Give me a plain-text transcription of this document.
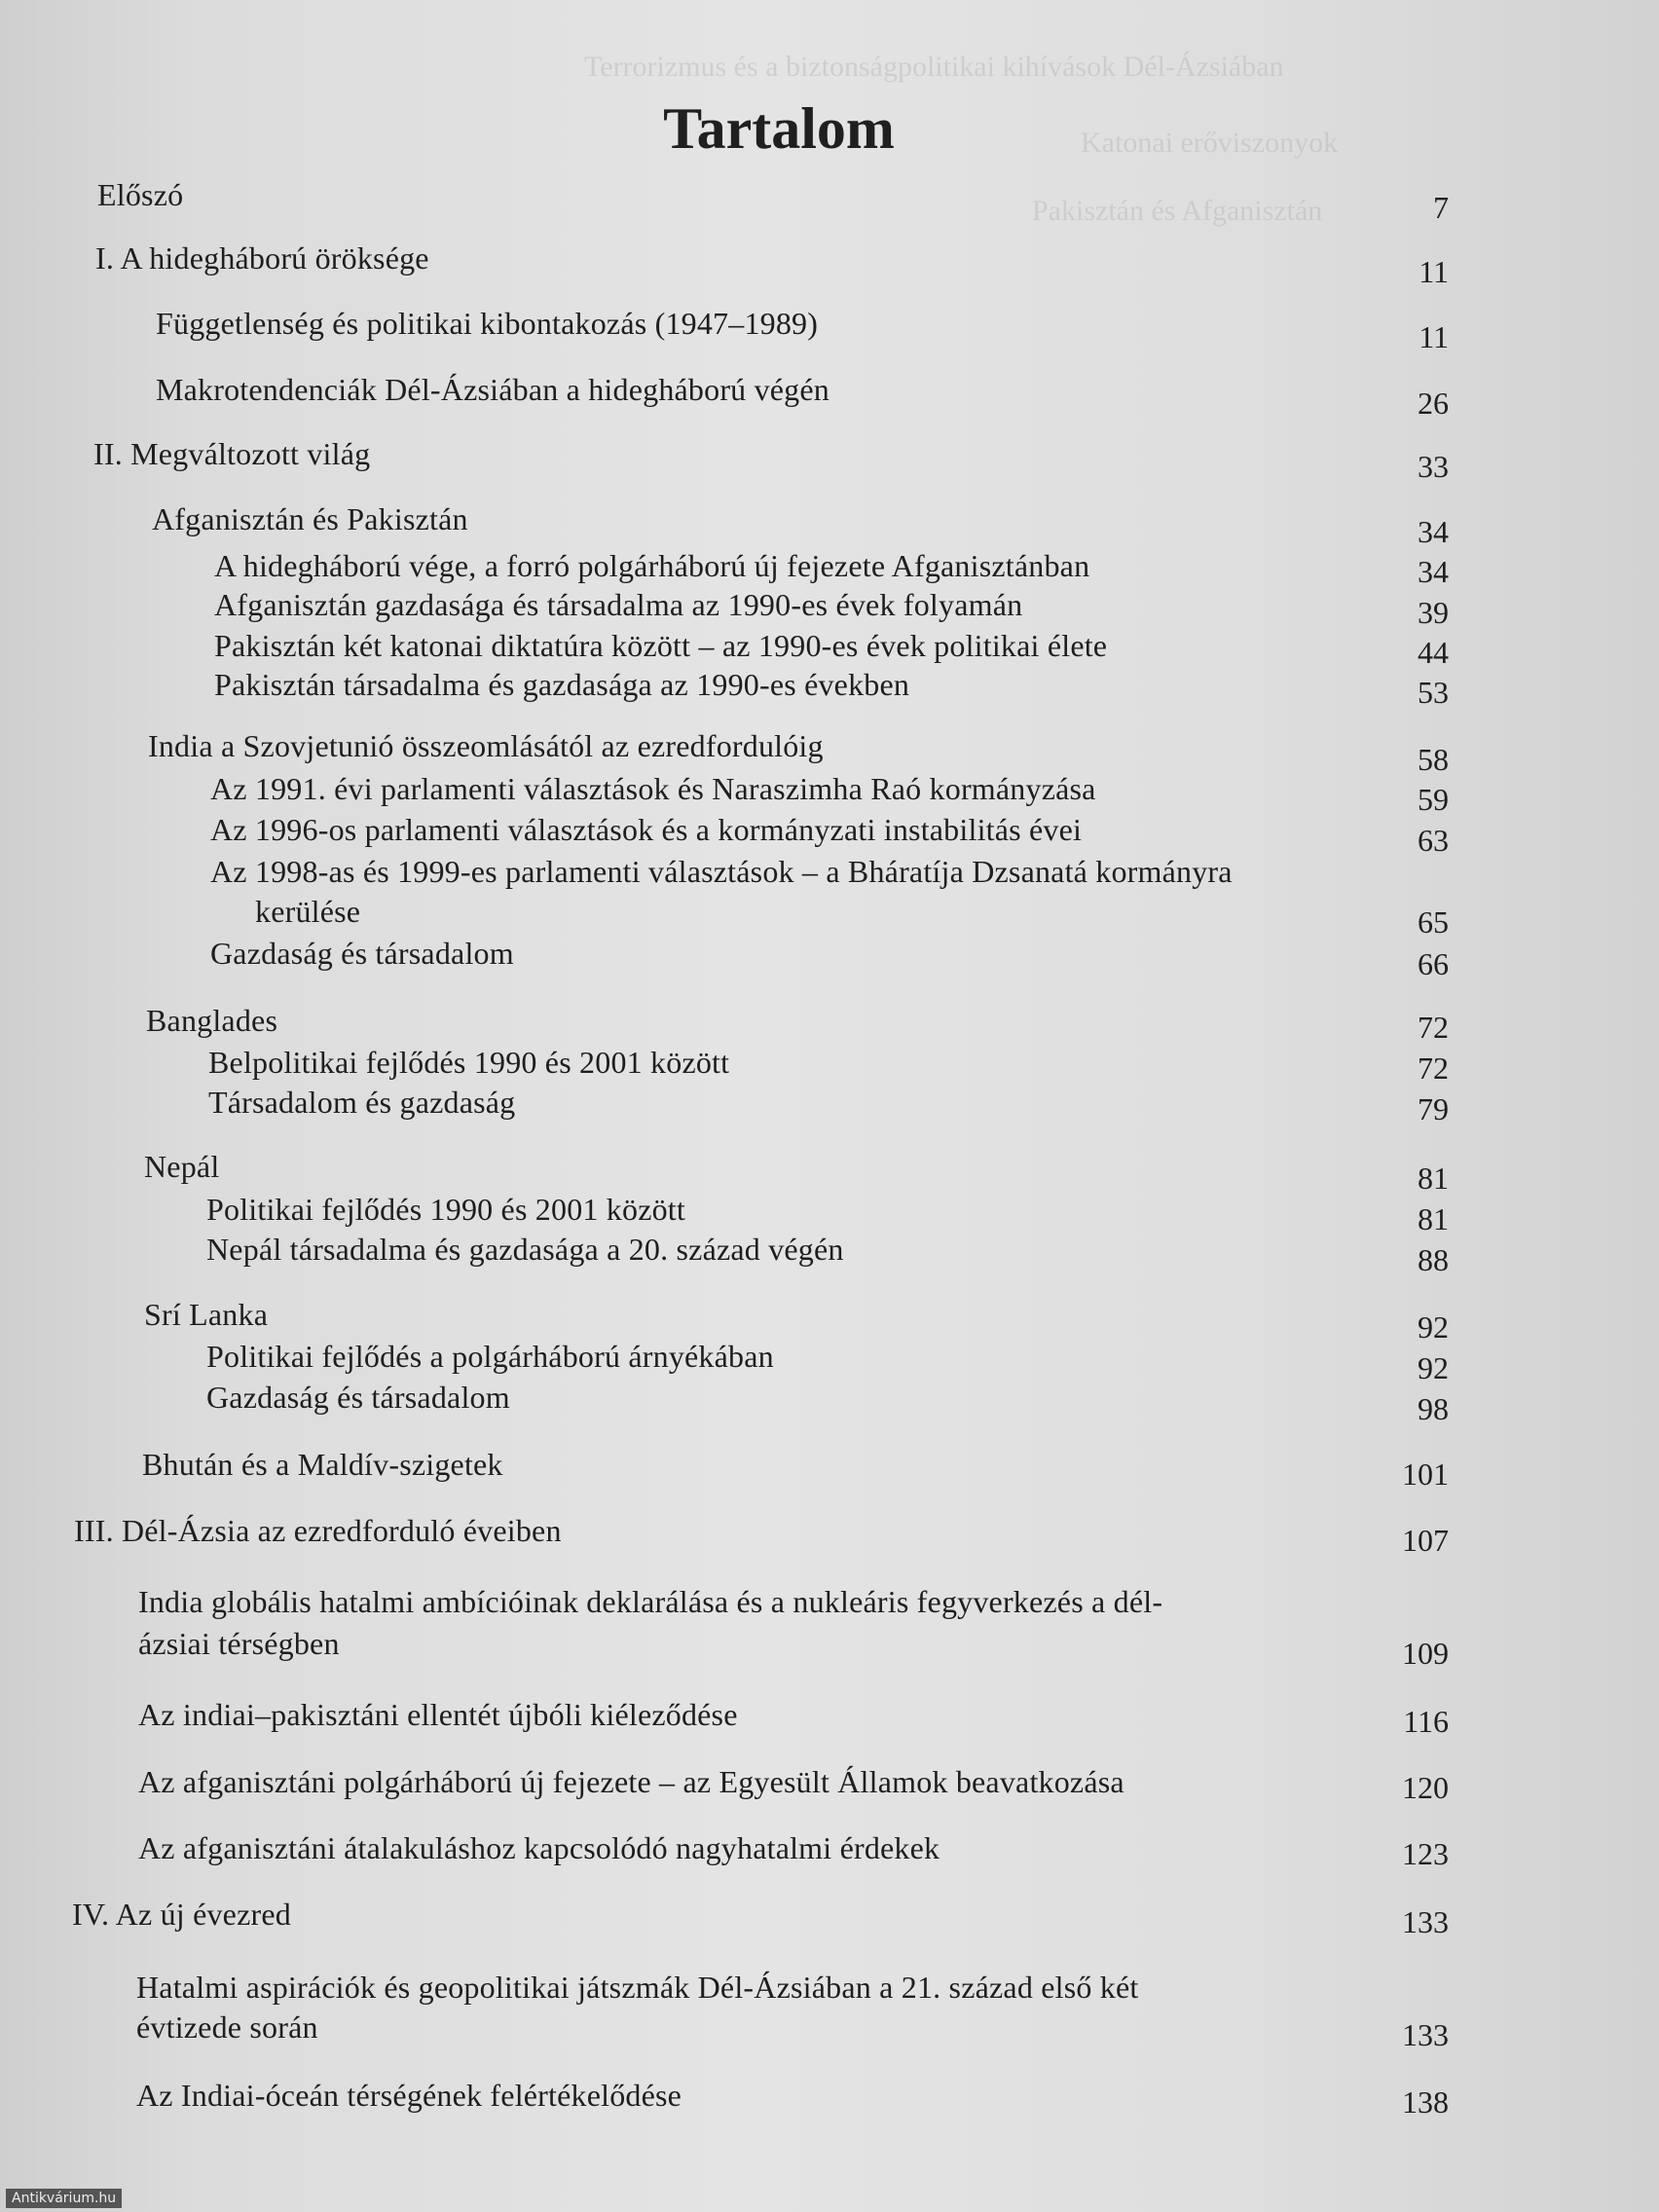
Terrorizmus és a biztonságpolitikai kihívások Dél-Ázsiában
Katonai erőviszonyok
Pakisztán és Afganisztán
Tartalom
Előszó	7
I. A hidegháború öröksége	11
Függetlenség és politikai kibontakozás (1947–1989)	11
Makrotendenciák Dél-Ázsiában a hidegháború végén	26
II. Megváltozott világ	33
Afganisztán és Pakisztán	34
A hidegháború vége, a forró polgárháború új fejezete Afganisztánban	34
Afganisztán gazdasága és társadalma az 1990-es évek folyamán	39
Pakisztán két katonai diktatúra között – az 1990-es évek politikai élete	44
Pakisztán társadalma és gazdasága az 1990-es években	53
India a Szovjetunió összeomlásától az ezredfordulóig	58
Az 1991. évi parlamenti választások és Naraszimha Raó kormányzása	59
Az 1996-os parlamenti választások és a kormányzati instabilitás évei	63
Az 1998-as és 1999-es parlamenti választások – a Bháratíja Dzsanatá kormányra
kerülése	65
Gazdaság és társadalom	66
Banglades	72
Belpolitikai fejlődés 1990 és 2001 között	72
Társadalom és gazdaság	79
Nepál	81
Politikai fejlődés 1990 és 2001 között	81
Nepál társadalma és gazdasága a 20. század végén	88
Srí Lanka	92
Politikai fejlődés a polgárháború árnyékában	92
Gazdaság és társadalom	98
Bhután és a Maldív-szigetek	101
III. Dél-Ázsia az ezredforduló éveiben	107
India globális hatalmi ambícióinak deklarálása és a nukleáris fegyverkezés a dél-
ázsiai térségben	109
Az indiai–pakisztáni ellentét újbóli kiéleződése	116
Az afganisztáni polgárháború új fejezete – az Egyesült Államok beavatkozása	120
Az afganisztáni átalakuláshoz kapcsolódó nagyhatalmi érdekek	123
IV. Az új évezred	133
Hatalmi aspirációk és geopolitikai játszmák Dél-Ázsiában a 21. század első két
évtizede során	133
Az Indiai-óceán térségének felértékelődése	138
Antikvárium.hu
